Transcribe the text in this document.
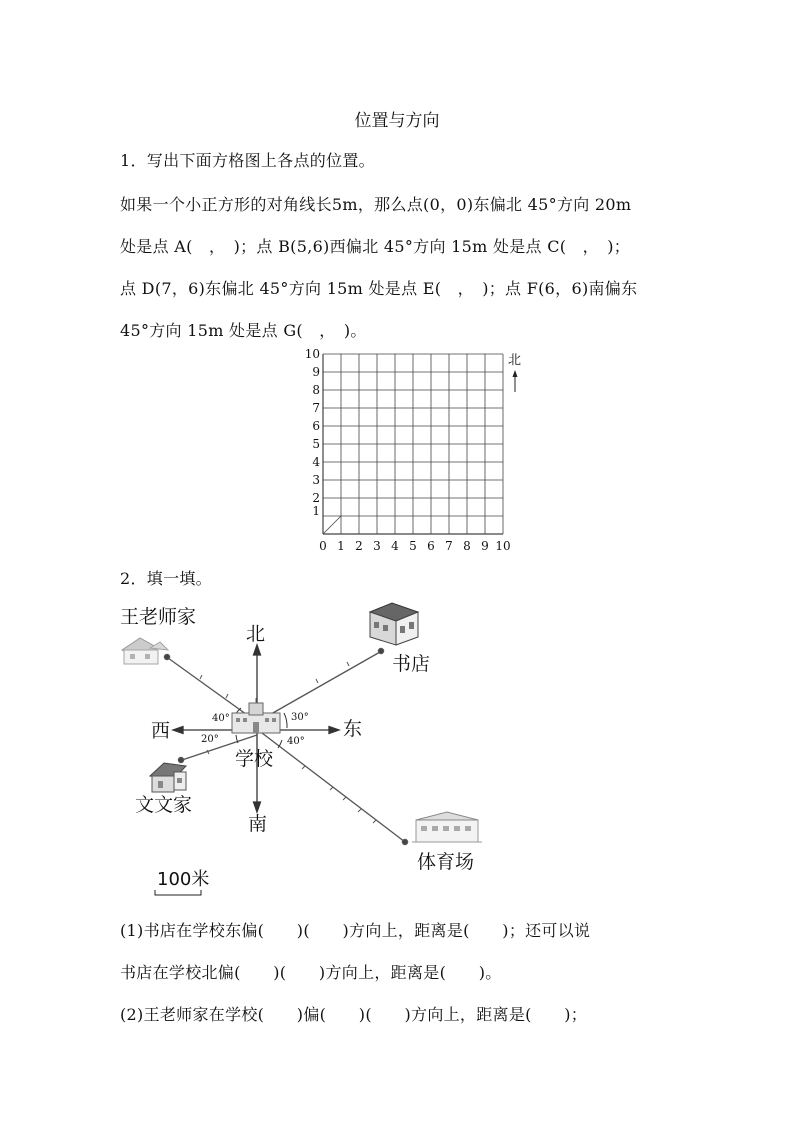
位置与方向
1．写出下面方格图上各点的位置。
如果一个小正方形的对角线长5m，那么点(0，0)东偏北 45°方向 20m
处是点 A(　，　)；点 B(5,6)西偏北 45°方向 15m 处是点 C(　，　)；
点 D(7，6)东偏北 45°方向 15m 处是点 E(　，　)；点 F(6，6)南偏东
45°方向 15m 处是点 G(　，　)。
0 1 2 3 4 5 6 7 8 9 10
1
2
3
4
5
6
7
8
9
10	北
2．填一填。
30°
40°
20°	40°
北
南
西	东
学校
王老师家
书店
文文家
体育场
100米
(1)书店在学校东偏(　　)(　　)方向上，距离是(　　)；还可以说
书店在学校北偏(　　)(　　)方向上，距离是(　　)。
(2)王老师家在学校(　　)偏(　　)(　　)方向上，距离是(　　)；
